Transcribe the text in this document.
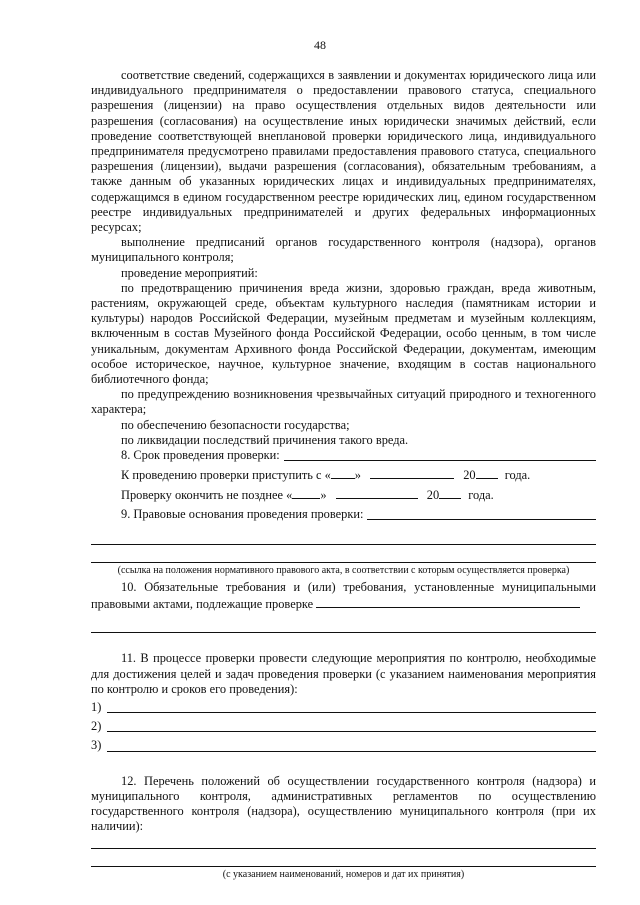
48

соответствие сведений, содержащихся в заявлении и документах юридического лица или индивидуального предпринимателя о предоставлении правового статуса, специального разрешения (лицензии) на право осуществления отдельных видов деятельности или разрешения (согласования) на осуществление иных юридически значимых действий, если проведение соответствующей внеплановой проверки юридического лица, индивидуального предпринимателя предусмотрено правилами предоставления правового статуса, специального разрешения (лицензии), выдачи разрешения (согласования), обязательным требованиям, а также данным об указанных юридических лицах и индивидуальных предпринимателях, содержащимся в едином государственном реестре юридических лиц, едином государственном реестре индивидуальных предпринимателей и других федеральных информационных ресурсах;

выполнение предписаний органов государственного контроля (надзора), органов муниципального контроля;

проведение мероприятий:

по предотвращению причинения вреда жизни, здоровью граждан, вреда животным, растениям, окружающей среде, объектам культурного наследия (памятникам истории и культуры) народов Российской Федерации, музейным предметам и музейным коллекциям, включенным в состав Музейного фонда Российской Федерации, особо ценным, в том числе уникальным, документам Архивного фонда Российской Федерации, документам, имеющим особое историческое, научное, культурное значение, входящим в состав национального библиотечного фонда;

по предупреждению возникновения чрезвычайных ситуаций природного и техногенного характера;

по обеспечению безопасности государства;

по ликвидации последствий причинения такого вреда.

8. Срок проведения проверки:

К проведению проверки приступить с « »	20 года.

Проверку окончить не позднее « »	20 года.

9. Правовые основания проведения проверки:

(ссылка на положения нормативного правового акта, в соответствии с которым осуществляется проверка)

10. Обязательные требования и (или) требования, установленные муниципальными правовыми актами, подлежащие проверке

11. В процессе проверки провести следующие мероприятия по контролю, необходимые для достижения целей и задач проведения проверки (с указанием наименования мероприятия по контролю и сроков его проведения):

1)
2)
3)

12. Перечень положений об осуществлении государственного контроля (надзора) и муниципального контроля, административных регламентов по осуществлению государственного контроля (надзора), осуществлению муниципального контроля (при их наличии):

(с указанием наименований, номеров и дат их принятия)
